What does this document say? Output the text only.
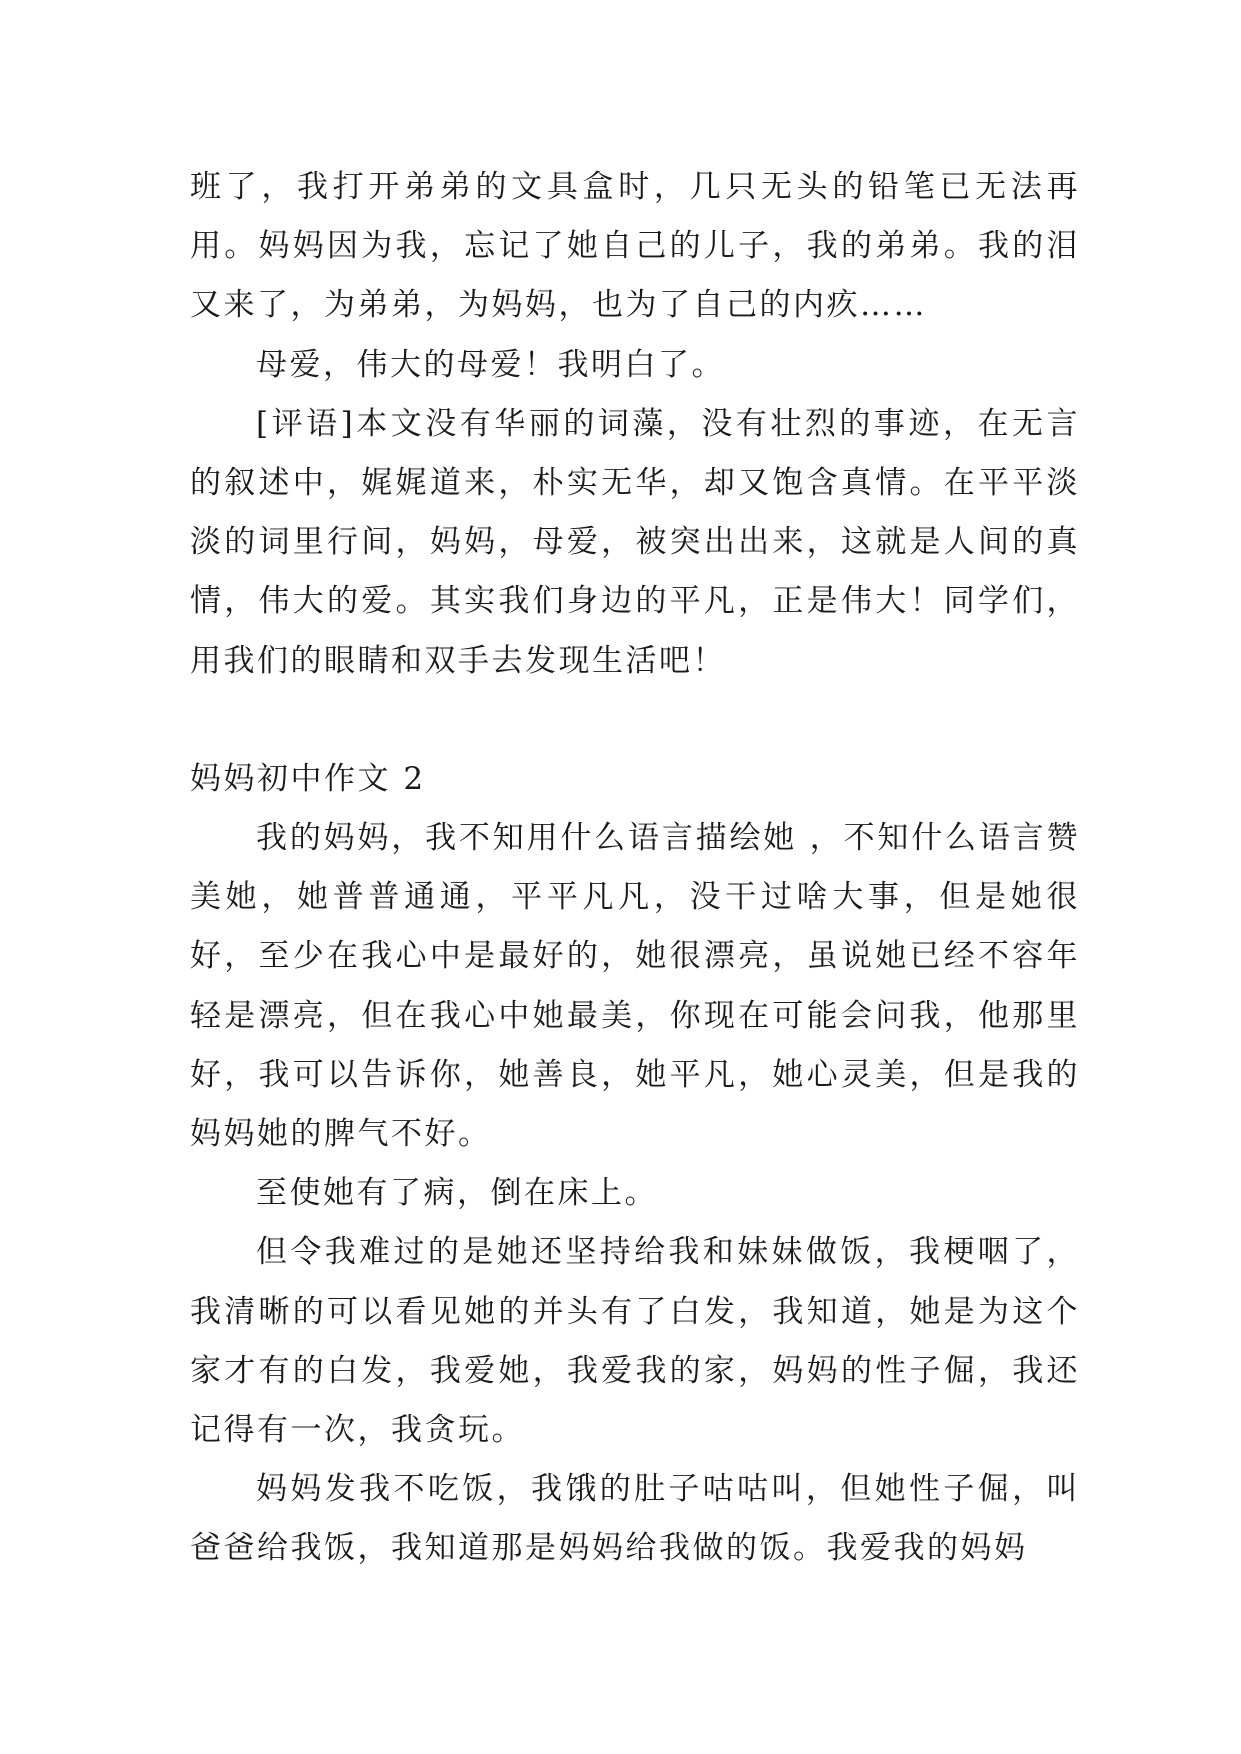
班了，我打开弟弟的文具盒时，几只无头的铅笔已无法再用。妈妈因为我，忘记了她自己的儿子，我的弟弟。我的泪又来了，为弟弟，为妈妈，也为了自己的内疚……

母爱，伟大的母爱！我明白了。

[评语]本文没有华丽的词藻，没有壮烈的事迹，在无言的叙述中，娓娓道来，朴实无华，却又饱含真情。在平平淡淡的词里行间，妈妈，母爱，被突出出来，这就是人间的真情，伟大的爱。其实我们身边的平凡，正是伟大！同学们，用我们的眼睛和双手去发现生活吧！

妈妈初中作文 2

我的妈妈，我不知用什么语言描绘她 ，不知什么语言赞美她，她普普通通，平平凡凡，没干过啥大事，但是她很好，至少在我心中是最好的，她很漂亮，虽说她已经不容年轻是漂亮，但在我心中她最美，你现在可能会问我，他那里好，我可以告诉你，她善良，她平凡，她心灵美，但是我的妈妈她的脾气不好。

至使她有了病，倒在床上。

但令我难过的是她还坚持给我和妹妹做饭，我梗咽了，我清晰的可以看见她的并头有了白发，我知道，她是为这个家才有的白发，我爱她，我爱我的家，妈妈的性子倔，我还记得有一次，我贪玩。

妈妈发我不吃饭，我饿的肚子咕咕叫，但她性子倔，叫爸爸给我饭，我知道那是妈妈给我做的饭。我爱我的妈妈
